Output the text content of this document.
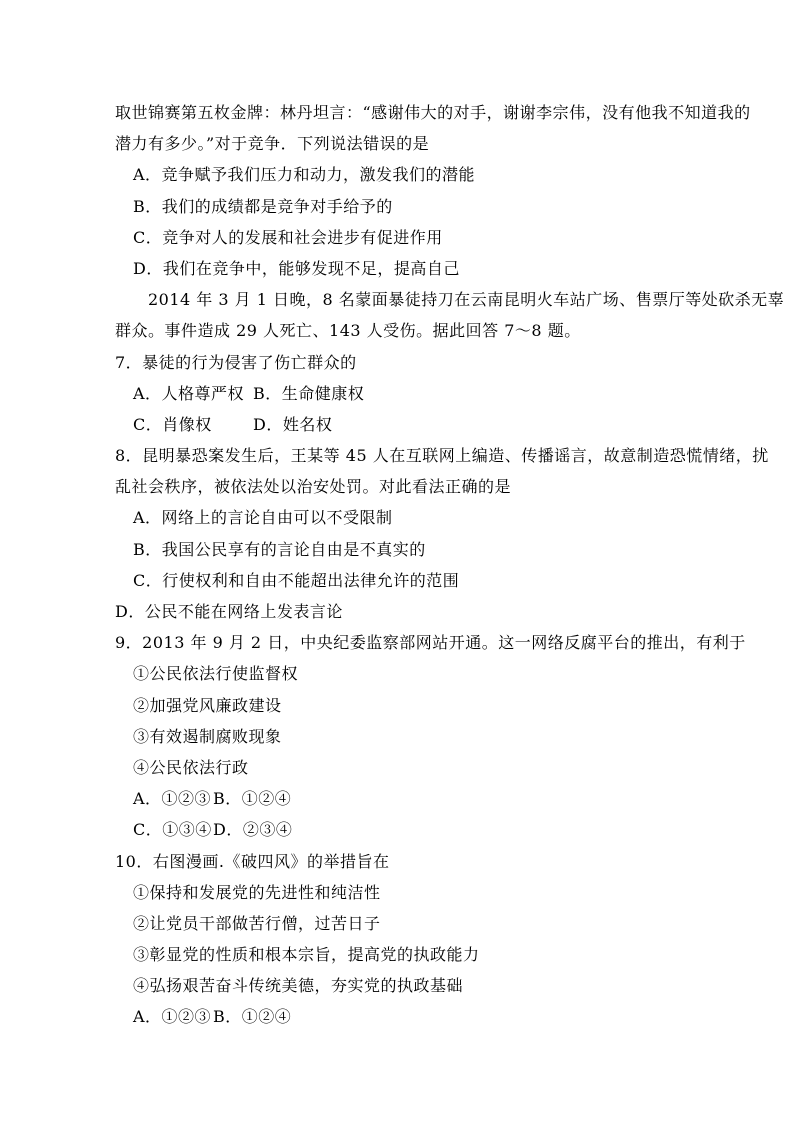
取世锦赛第五枚金牌：林丹坦言：“感谢伟大的对手，谢谢李宗伟，没有他我不知道我的
潜力有多少。”对于竞争．下列说法错误的是
A．竞争赋予我们压力和动力，激发我们的潜能
B．我们的成绩都是竞争对手给予的
C．竞争对人的发展和社会进步有促进作用
D．我们在竞争中，能够发现不足，提高自己
2014 年 3 月 1 日晚，8 名蒙面暴徒持刀在云南昆明火车站广场、售票厅等处砍杀无辜
群众。事件造成 29 人死亡、143 人受伤。据此回答 7～8 题。
7．暴徒的行为侵害了伤亡群众的
A．人格尊严权 B．生命健康权
C．肖像权	D．姓名权
8．昆明暴恐案发生后，王某等 45 人在互联网上编造、传播谣言，故意制造恐慌情绪，扰
乱社会秩序，被依法处以治安处罚。对此看法正确的是
A．网络上的言论自由可以不受限制
B．我国公民享有的言论自由是不真实的
C．行使权利和自由不能超出法律允许的范围
D．公民不能在网络上发表言论
9．2013 年 9 月 2 日，中央纪委监察部网站开通。这一网络反腐平台的推出，有利于
①公民依法行使监督权
②加强党风廉政建设
③有效遏制腐败现象
④公民依法行政
A．①②③ B．①②④
C．①③④D．②③④
10．右图漫画.《破四风》的举措旨在
①保持和发展党的先进性和纯洁性
②让党员干部做苦行僧，过苦日子
③彰显党的性质和根本宗旨，提高党的执政能力
④弘扬艰苦奋斗传统美德，夯实党的执政基础
A．①②③ B．①②④
